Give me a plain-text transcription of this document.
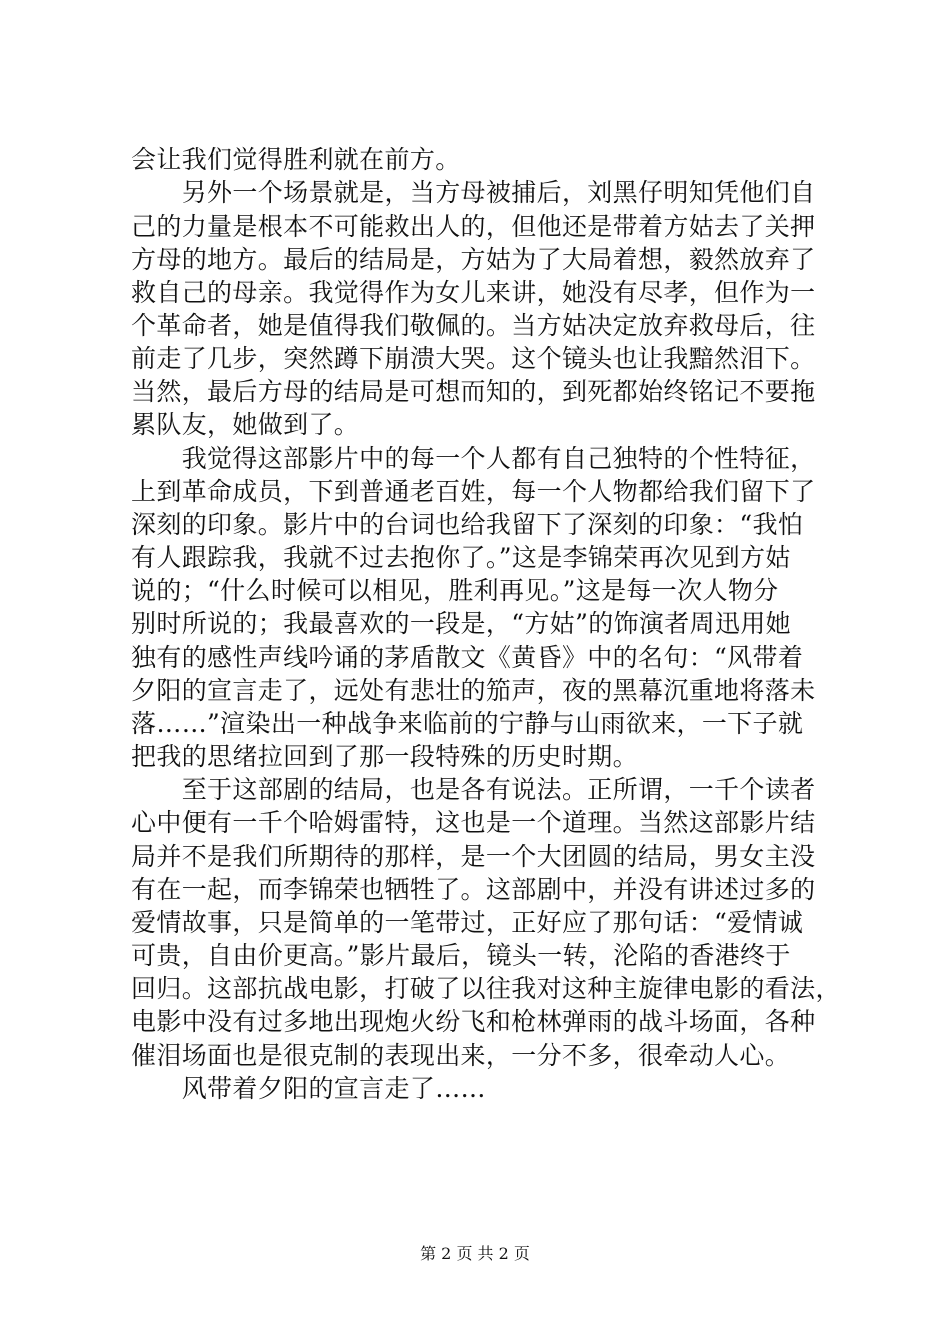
会让我们觉得胜利就在前方。
　　另外一个场景就是，当方母被捕后，刘黑仔明知凭他们自
己的力量是根本不可能救出人的，但他还是带着方姑去了关押
方母的地方。最后的结局是，方姑为了大局着想，毅然放弃了
救自己的母亲。我觉得作为女儿来讲，她没有尽孝，但作为一
个革命者，她是值得我们敬佩的。当方姑决定放弃救母后，往
前走了几步，突然蹲下崩溃大哭。这个镜头也让我黯然泪下。
当然，最后方母的结局是可想而知的，到死都始终铭记不要拖
累队友，她做到了。
　　我觉得这部影片中的每一个人都有自己独特的个性特征，
上到革命成员，下到普通老百姓，每一个人物都给我们留下了
深刻的印象。影片中的台词也给我留下了深刻的印象：“我怕
有人跟踪我，我就不过去抱你了。”这是李锦荣再次见到方姑
说的；“什么时候可以相见，胜利再见。”这是每一次人物分
别时所说的；我最喜欢的一段是，“方姑”的饰演者周迅用她
独有的感性声线吟诵的茅盾散文《黄昏》中的名句：“风带着
夕阳的宣言走了，远处有悲壮的笳声，夜的黑幕沉重地将落未
落……”渲染出一种战争来临前的宁静与山雨欲来，一下子就
把我的思绪拉回到了那一段特殊的历史时期。
　　至于这部剧的结局，也是各有说法。正所谓，一千个读者
心中便有一千个哈姆雷特，这也是一个道理。当然这部影片结
局并不是我们所期待的那样，是一个大团圆的结局，男女主没
有在一起，而李锦荣也牺牲了。这部剧中，并没有讲述过多的
爱情故事，只是简单的一笔带过，正好应了那句话：“爱情诚
可贵，自由价更高。”影片最后，镜头一转，沦陷的香港终于
回归。这部抗战电影，打破了以往我对这种主旋律电影的看法，
电影中没有过多地出现炮火纷飞和枪林弹雨的战斗场面，各种
催泪场面也是很克制的表现出来，一分不多，很牵动人心。
　　风带着夕阳的宣言走了……
第 2 页 共 2 页
